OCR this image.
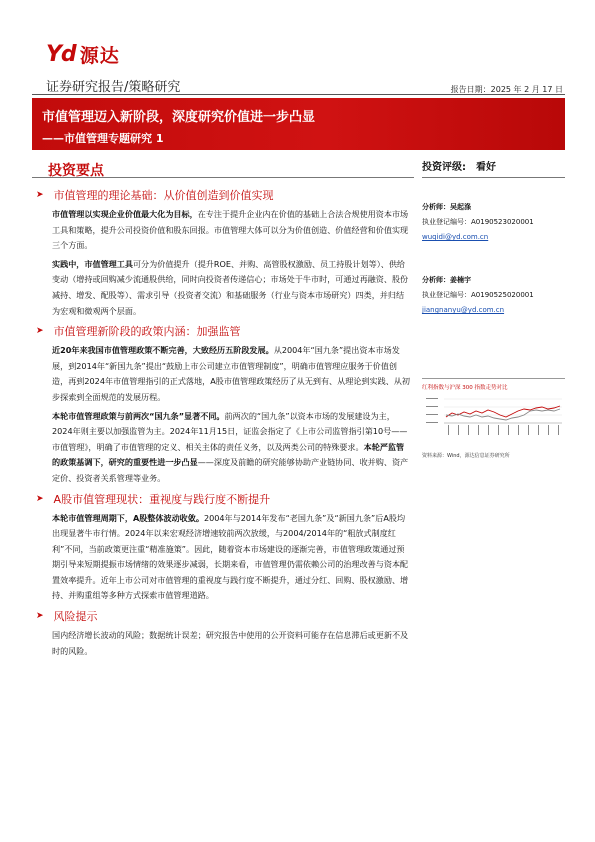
Yd 源达
证券研究报告/策略研究	报告日期：2025 年 2 月 17 日
市值管理迈入新阶段，深度研究价值进一步凸显
——市值管理专题研究 1
投资要点	投资评级: 看好
➤ 市值管理的理论基础：从价值创造到价值实现

市值管理以实现企业价值最大化为目标，在专注于提升企业内在价值的基础上合法合规使用资本市场工具和策略，提升公司投资价值和股东回报。市值管理大体可以分为价值创造、价值经营和价值实现三个方面。

实践中，市值管理工具可分为价值提升（提升ROE、并购、高管股权激励、员工持股计划等）、供给变动（增持或回购减少流通股供给，同时向投资者传递信心；市场处于牛市时，可通过再融资、股份减持、增发、配股等）、需求引导（投资者交流）和基础服务（行业与资本市场研究）四类，并归结为宏观和微观两个层面。

➤ 市值管理新阶段的政策内涵：加强监管

近20年来我国市值管理政策不断完善，大致经历五阶段发展。从2004年“国九条”提出资本市场发展，到2014年“新国九条”提出“鼓励上市公司建立市值管理制度”，明确市值管理应服务于价值创造，再到2024年市值管理指引的正式落地，A股市值管理政策经历了从无到有、从理论到实践、从初步探索到全面规范的发展历程。

本轮市值管理政策与前两次“国九条”显著不同。前两次的“国九条”以资本市场的发展建设为主，2024年则主要以加强监管为主。2024年11月15日，证监会指定了《上市公司监管指引第10号——市值管理》，明确了市值管理的定义、相关主体的责任义务，以及两类公司的特殊要求。本轮严监管的政策基调下，研究的重要性进一步凸显——深度及前瞻的研究能够协助产业链协同、收并购、资产定价、投资者关系管理等业务。

➤ A股市值管理现状：重视度与践行度不断提升

本轮市值管理周期下，A股整体波动收敛。2004年与2014年发布“老国九条”及“新国九条”后A股均出现显著牛市行情。2024年以来宏观经济增速较前两次放缓，与2004/2014年的“粗放式制度红利”不同，当前政策更注重“精准施策”。因此，随着资本市场建设的逐渐完善，市值管理政策通过预期引导来短期提振市场情绪的效果逐步减弱，长期来看，市值管理仍需依赖公司的治理改善与资本配置效率提升。近年上市公司对市值管理的重视度与践行度不断提升，通过分红、回购、股权激励、增持、并购重组等多种方式探索市值管理道路。

➤ 风险提示

国内经济增长波动的风险；数据统计误差；研究报告中使用的公开资料可能存在信息滞后或更新不及时的风险。

分析师：吴起涤
执业登记编号：A0190523020001
wuqidi@yd.com.cn
分析师：姜楠宇
执业登记编号：A0190525020001
jiangnanyu@yd.com.cn
红利指数与沪深 300 指数走势对比
资料来源：Wind，源达信息证券研究所
